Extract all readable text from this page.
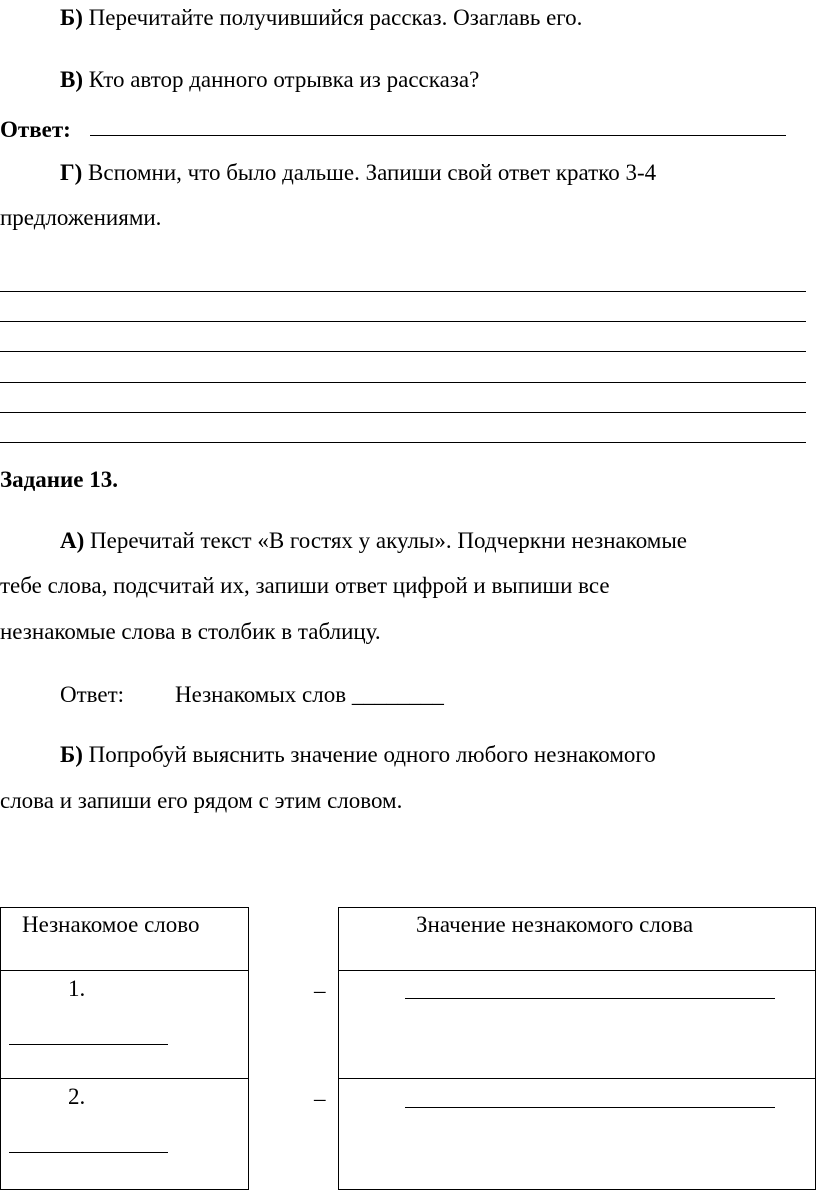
Б) Перечитайте получившийся рассказ. Озаглавь его.
В) Кто автор данного отрывка из рассказа?
Ответ:
Г) Вспомни, что было дальше. Запиши свой ответ кратко 3-4
предложениями.
Задание 13.
А) Перечитай текст «В гостях у акулы». Подчеркни незнакомые
тебе слова, подсчитай их, запиши ответ цифрой и выпиши все
незнакомые слова в столбик в таблицу.
Ответ: Незнакомых слов ________
Б) Попробуй выяснить значение одного любого незнакомого
слова и запиши его рядом с этим словом.
Незнакомое слово	Значение незнакомого слова
1.	–
2.	–
